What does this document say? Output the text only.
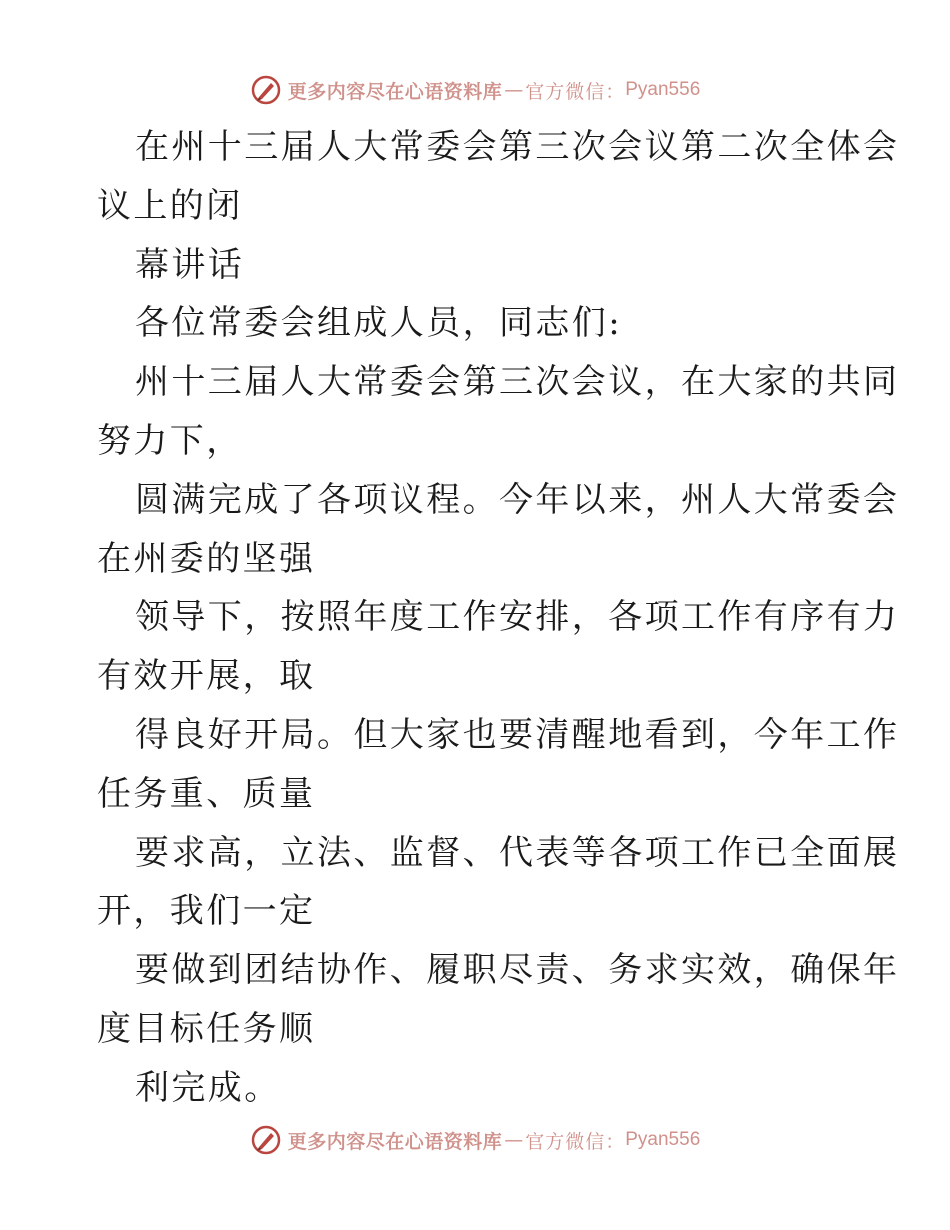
更多内容尽在心语资料库 — 官方微信： Pyan556
在州十三届人大常委会第三次会议第二次全体会
议上的闭
幕讲话
各位常委会组成人员，同志们:
州十三届人大常委会第三次会议，在大家的共同
努力下，
圆满完成了各项议程。今年以来，州人大常委会
在州委的坚强
领导下，按照年度工作安排，各项工作有序有力
有效开展，取
得良好开局。但大家也要清醒地看到，今年工作
任务重、质量
要求高，立法、监督、代表等各项工作已全面展
开，我们一定
要做到团结协作、履职尽责、务求实效，确保年
度目标任务顺
利完成。
更多内容尽在心语资料库 — 官方微信： Pyan556
